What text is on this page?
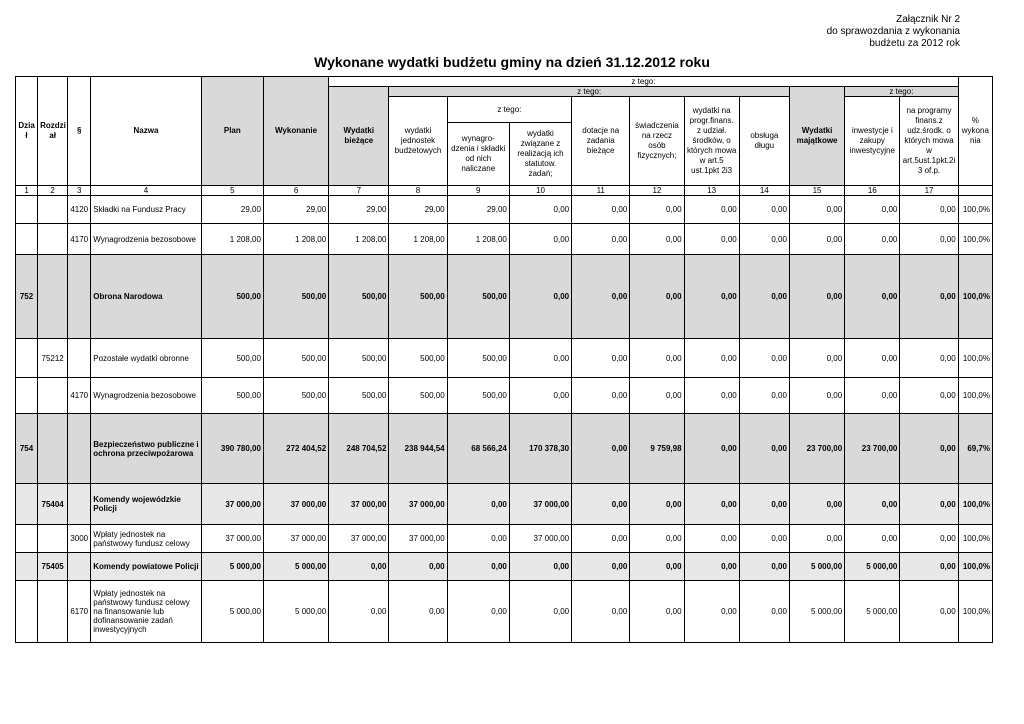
Załącznik Nr 2
do sprawozdania z wykonania
budżetu za 2012 rok
Wykonane wydatki budżetu gminy na dzień 31.12.2012 roku
Dzia ł	Rozdzi ał	§	Nazwa	Plan	Wykonanie	z tego:											% wykona nia
						Wydatki bieżące	z tego:							Wydatki majątkowe	z tego:		
							wydatki jednostek budżetowych	z tego:		dotacje na zadania bieżące	świadczenia na rzecz osób fizycznych;	wydatki na progr.finans. z udział. środków, o których mowa w art.5 ust.1pkt 2i3	obsługa długu		inwestycje i zakupy inwestycyjne	na programy finans.z udz.środk. o których mowa w art.5ust.1pkt.2i 3 of.p.	
								wynagro- dzenia i składki od nich naliczane	wydatki związane z realizacją ich statutow. zadań;								
1	2	3	4	5	6	7	8	9	10	11	12	13	14	15	16	17	
		4120	Składki na Fundusz Pracy	29,00	29,00	29,00	29,00	29,00	0,00	0,00	0,00	0,00	0,00	0,00	0,00	0,00	100,0%
		4170	Wynagrodzenia bezosobowe	1 208,00	1 208,00	1 208,00	1 208,00	1 208,00	0,00	0,00	0,00	0,00	0,00	0,00	0,00	0,00	100,0%
752			Obrona Narodowa	500,00	500,00	500,00	500,00	500,00	0,00	0,00	0,00	0,00	0,00	0,00	0,00	0,00	100,0%
	75212		Pozostałe wydatki obronne	500,00	500,00	500,00	500,00	500,00	0,00	0,00	0,00	0,00	0,00	0,00	0,00	0,00	100,0%
		4170	Wynagrodzenia bezosobowe	500,00	500,00	500,00	500,00	500,00	0,00	0,00	0,00	0,00	0,00	0,00	0,00	0,00	100,0%
754			Bezpieczeństwo publiczne i ochrona przeciwpożarowa	390 780,00	272 404,52	248 704,52	238 944,54	68 566,24	170 378,30	0,00	9 759,98	0,00	0,00	23 700,00	23 700,00	0,00	69,7%
	75404		Komendy wojewódzkie Policji	37 000,00	37 000,00	37 000,00	37 000,00	0,00	37 000,00	0,00	0,00	0,00	0,00	0,00	0,00	0,00	100,0%
		3000	Wpłaty jednostek na państwowy fundusz celowy	37 000,00	37 000,00	37 000,00	37 000,00	0,00	37 000,00	0,00	0,00	0,00	0,00	0,00	0,00	0,00	100,0%
	75405		Komendy powiatowe Policji	5 000,00	5 000,00	0,00	0,00	0,00	0,00	0,00	0,00	0,00	0,00	5 000,00	5 000,00	0,00	100,0%
		6170	Wpłaty jednostek na państwowy fundusz celowy na finansowanie lub dofinansowanie zadań inwestycyjnych	5 000,00	5 000,00	0,00	0,00	0,00	0,00	0,00	0,00	0,00	0,00	5 000,00	5 000,00	0,00	100,0%
